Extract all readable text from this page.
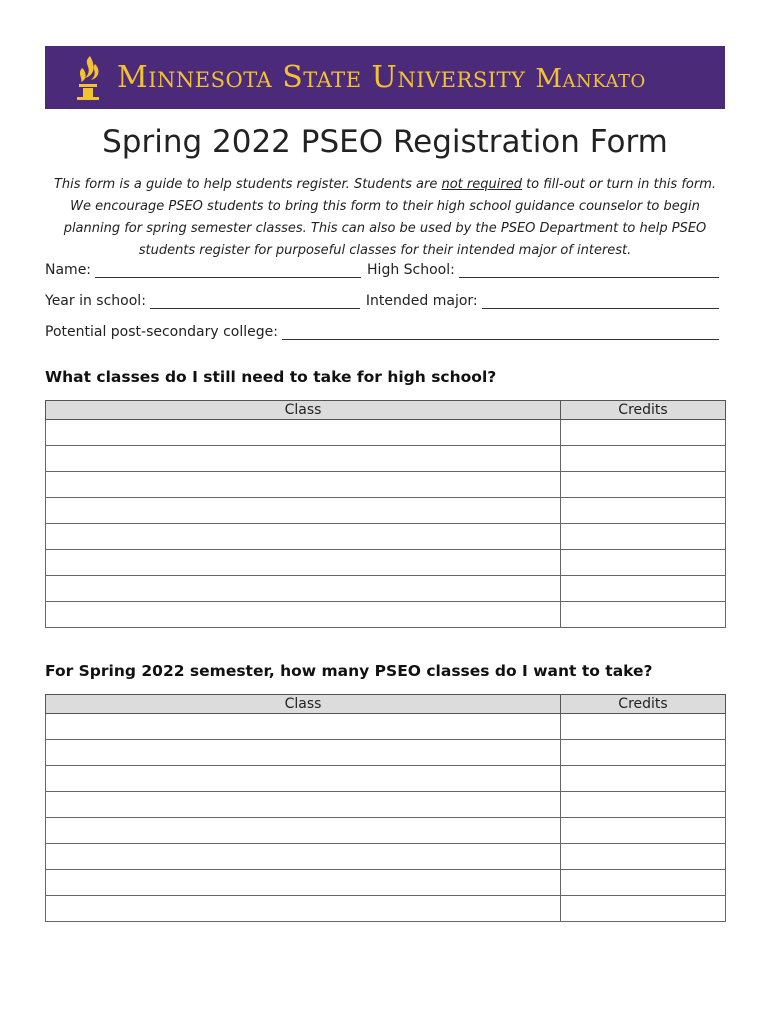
Minnesota State University Mankato
Spring 2022 PSEO Registration Form

This form is a guide to help students register. Students are not required to fill-out or turn in this form. We encourage PSEO students to bring this form to their high school guidance counselor to begin planning for spring semester classes. This can also be used by the PSEO Department to help PSEO students register for purposeful classes for their intended major of interest.

Name:	High School:
Year in school:	Intended major:
Potential post-secondary college:
What classes do I still need to take for high school?
Class	Credits

For Spring 2022 semester, how many PSEO classes do I want to take?
Class	Credits
